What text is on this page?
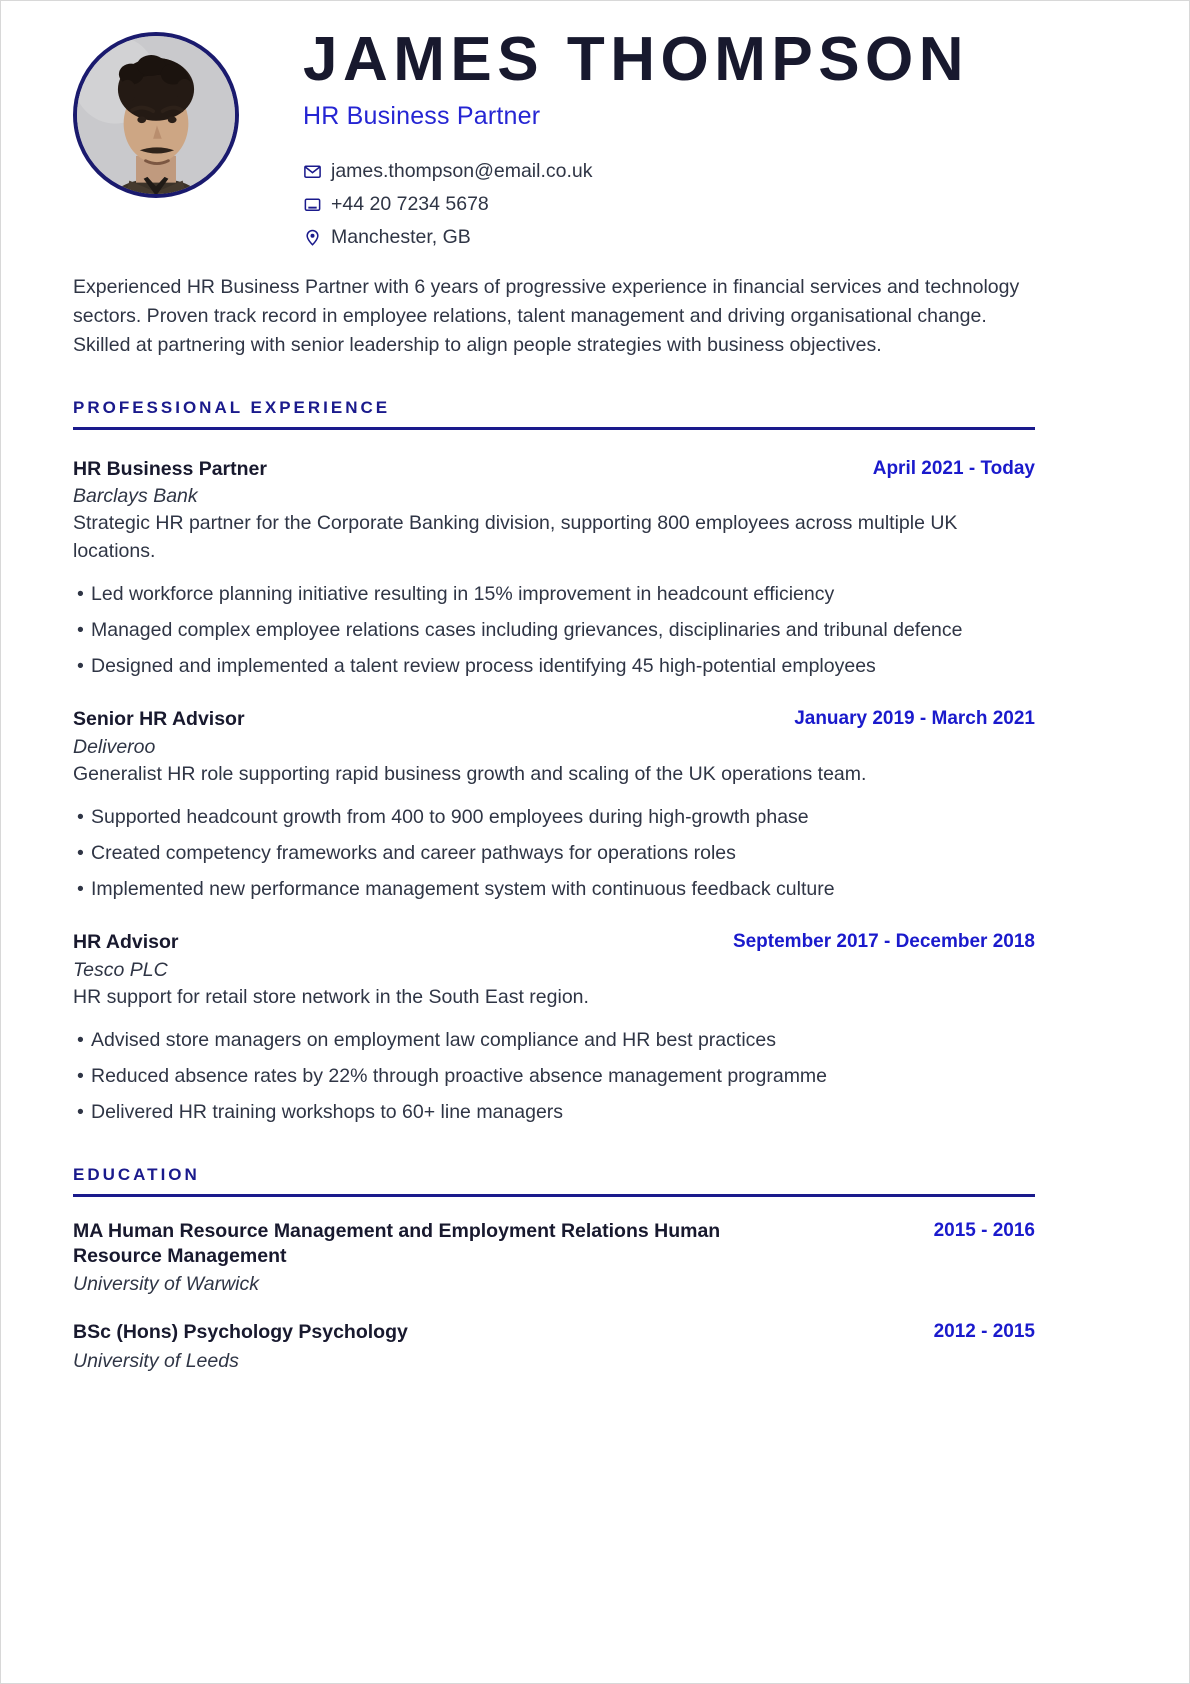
JAMES THOMPSON
HR Business Partner
james.thompson@email.co.uk
+44 20 7234 5678
Manchester, GB
Experienced HR Business Partner with 6 years of progressive experience in financial services and technology sectors. Proven track record in employee relations, talent management and driving organisational change. Skilled at partnering with senior leadership to align people strategies with business objectives.
PROFESSIONAL EXPERIENCE
HR Business Partner	April 2021 - Today
Barclays Bank
Strategic HR partner for the Corporate Banking division, supporting 800 employees across multiple UK locations.
• Led workforce planning initiative resulting in 15% improvement in headcount efficiency
• Managed complex employee relations cases including grievances, disciplinaries and tribunal defence
• Designed and implemented a talent review process identifying 45 high-potential employees
Senior HR Advisor	January 2019 - March 2021
Deliveroo
Generalist HR role supporting rapid business growth and scaling of the UK operations team.
• Supported headcount growth from 400 to 900 employees during high-growth phase
• Created competency frameworks and career pathways for operations roles
• Implemented new performance management system with continuous feedback culture
HR Advisor	September 2017 - December 2018
Tesco PLC
HR support for retail store network in the South East region.
• Advised store managers on employment law compliance and HR best practices
• Reduced absence rates by 22% through proactive absence management programme
• Delivered HR training workshops to 60+ line managers
EDUCATION
MA Human Resource Management and Employment Relations Human Resource Management
2015 - 2016
University of Warwick
BSc (Hons) Psychology Psychology	2012 - 2015
University of Leeds
